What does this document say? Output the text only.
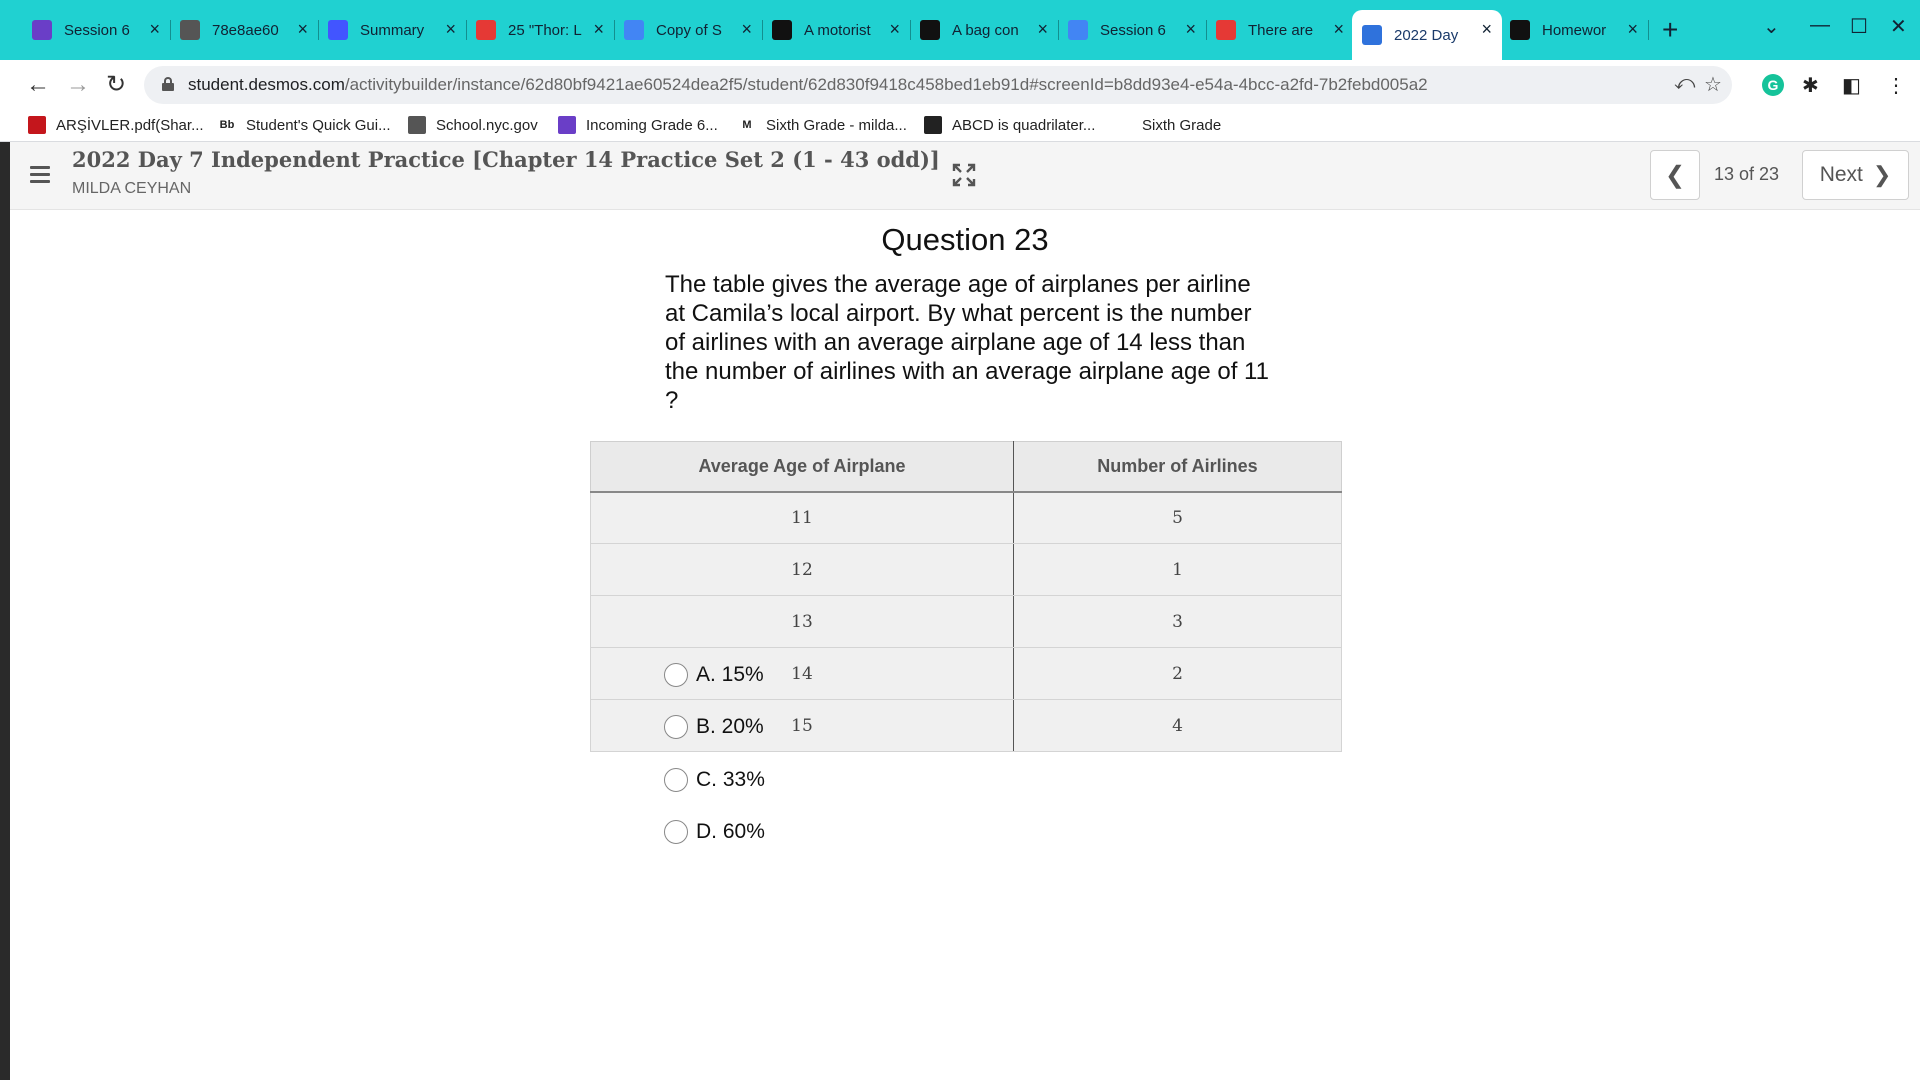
Session 6	×	78e8ae60	×	Summary	×	25 "Thor: L ×	Copy of S	×	A motorist	×	A bag con	×	Session 6	×	There are	×	2022 Day	×	Homewor	× +	⌄ — ☐ ✕
← → ↻	student.desmos.com/activitybuilder/instance/62d80bf9421ae60524dea2f5/student/62d830f9418c458bed1eb91d#screenId=b8dd93e4-e54a-4bcc-a2fd-7b2febd005a2	⤺ ☆	G ✱ ◧ ⋮
ARŞİVLER.pdf(Shar... Bb Student's Quick Gui...	School.nyc.gov	Incoming Grade 6...	M Sixth Grade - milda...	ABCD is quadrilater...	Sixth Grade
2022 Day 7 Independent Practice [Chapter 14 Practice Set 2 (1 - 43 odd)]
MILDA CEYHAN	❮ 13 of 23 Next ❯
Question 23
The table gives the average age of airplanes per airline at Camila’s local airport. By what percent is the number of airlines with an average airplane age of 14 less than the number of airlines with an average airplane age of 11 ?
Average Age of Airplane	Number of Airlines
11	5
12	1
13	3
14	2
15	4
A. 15%
B. 20%
C. 33%
D. 60%
